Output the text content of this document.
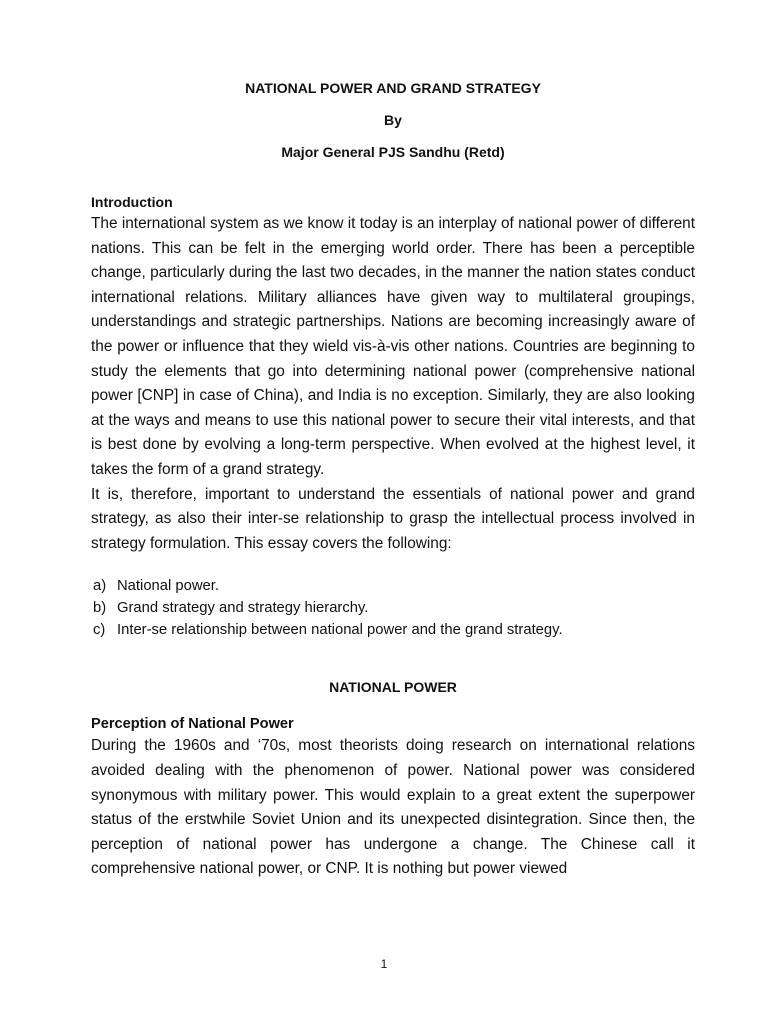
NATIONAL POWER AND GRAND STRATEGY
By
Major General PJS Sandhu (Retd)
Introduction

The international system as we know it today is an interplay of national power of different nations. This can be felt in the emerging world order. There has been a perceptible change, particularly during the last two decades, in the manner the nation states conduct international relations. Military alliances have given way to multilateral groupings, understandings and strategic partnerships. Nations are becoming increasingly aware of the power or influence that they wield vis-à-vis other nations. Countries are beginning to study the elements that go into determining national power (comprehensive national power [CNP] in case of China), and India is no exception. Similarly, they are also looking at the ways and means to use this national power to secure their vital interests, and that is best done by evolving a long-term perspective. When evolved at the highest level, it takes the form of a grand strategy.

It is, therefore, important to understand the essentials of national power and grand strategy, as also their inter-se relationship to grasp the intellectual process involved in strategy formulation. This essay covers the following:

a) National power.
b) Grand strategy and strategy hierarchy.
c) Inter-se relationship between national power and the grand strategy.
NATIONAL POWER
Perception of National Power

During the 1960s and ‘70s, most theorists doing research on international relations avoided dealing with the phenomenon of power. National power was considered synonymous with military power. This would explain to a great extent the superpower status of the erstwhile Soviet Union and its unexpected disintegration. Since then, the perception of national power has undergone a change. The Chinese call it comprehensive national power, or CNP. It is nothing but power viewed

1
